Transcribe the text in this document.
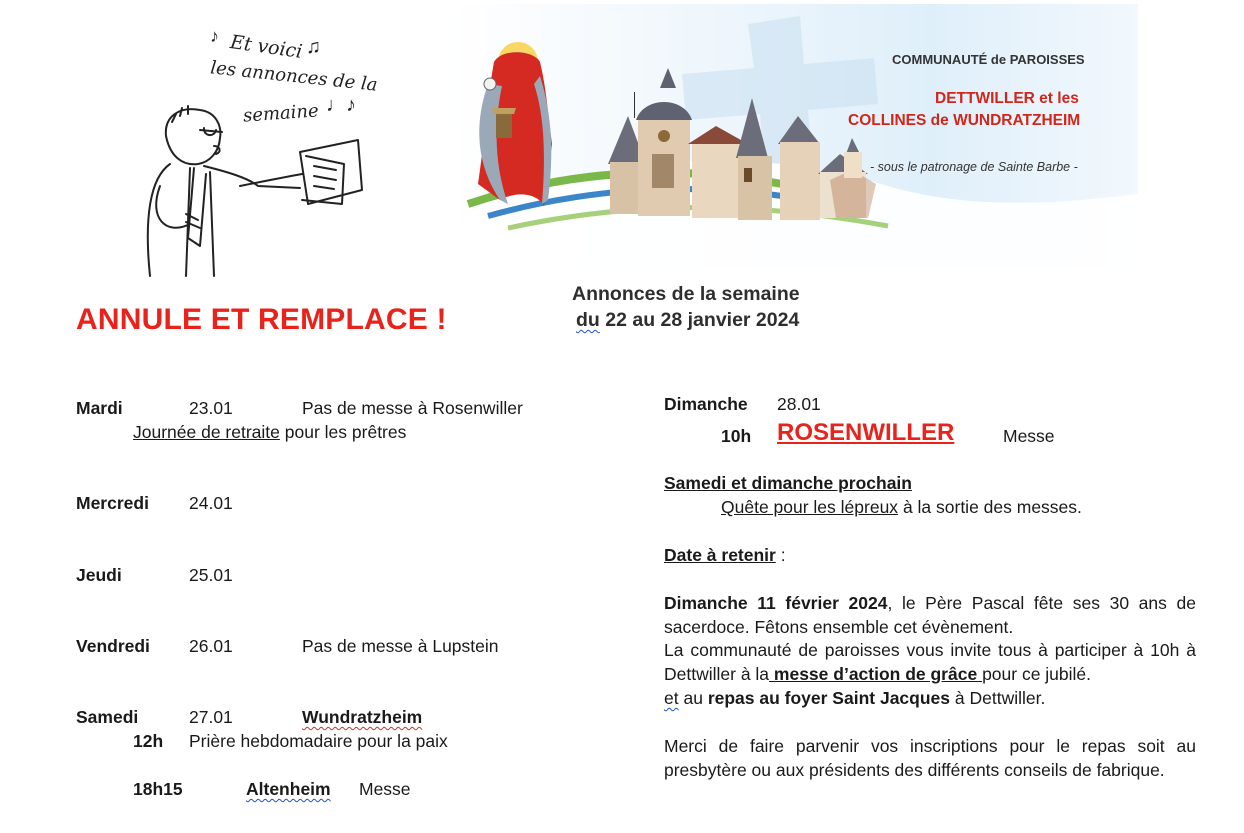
Et voici
les annonces de la
semaine
♪	♫
♩♪
COMMUNAUTÉ de PAROISSES
DETTWILLER et les
COLLINES de WUNDRATZHEIM
- sous le patronage de Sainte Barbe -
ANNULE ET REMPLACE !
Annonces de la semaine
du 22 au 28 janvier 2024
Mardi	23.01	Pas de messe à Rosenwiller
Journée de retraite pour les prêtres
Mercredi 24.01
Jeudi	25.01
Vendredi 26.01	Pas de messe à Lupstein
Samedi	27.01	Wundratzheim
12h Prière hebdomadaire pour la paix
18h15	Altenheim Messe
Dimanche 28.01
10h ROSENWILLER	Messe
Samedi et dimanche prochain
Quête pour les lépreux à la sortie des messes.
Date à retenir :
Dimanche 11 février 2024, le Père Pascal fête ses 30 ans de sacerdoce. Fêtons ensemble cet évènement.
La communauté de paroisses vous invite tous à participer à 10h à Dettwiller à la messe d’action de grâce pour ce jubilé.
et au repas au foyer Saint Jacques à Dettwiller.
Merci de faire parvenir vos inscriptions pour le repas soit au presbytère ou aux présidents des différents conseils de fabrique.
